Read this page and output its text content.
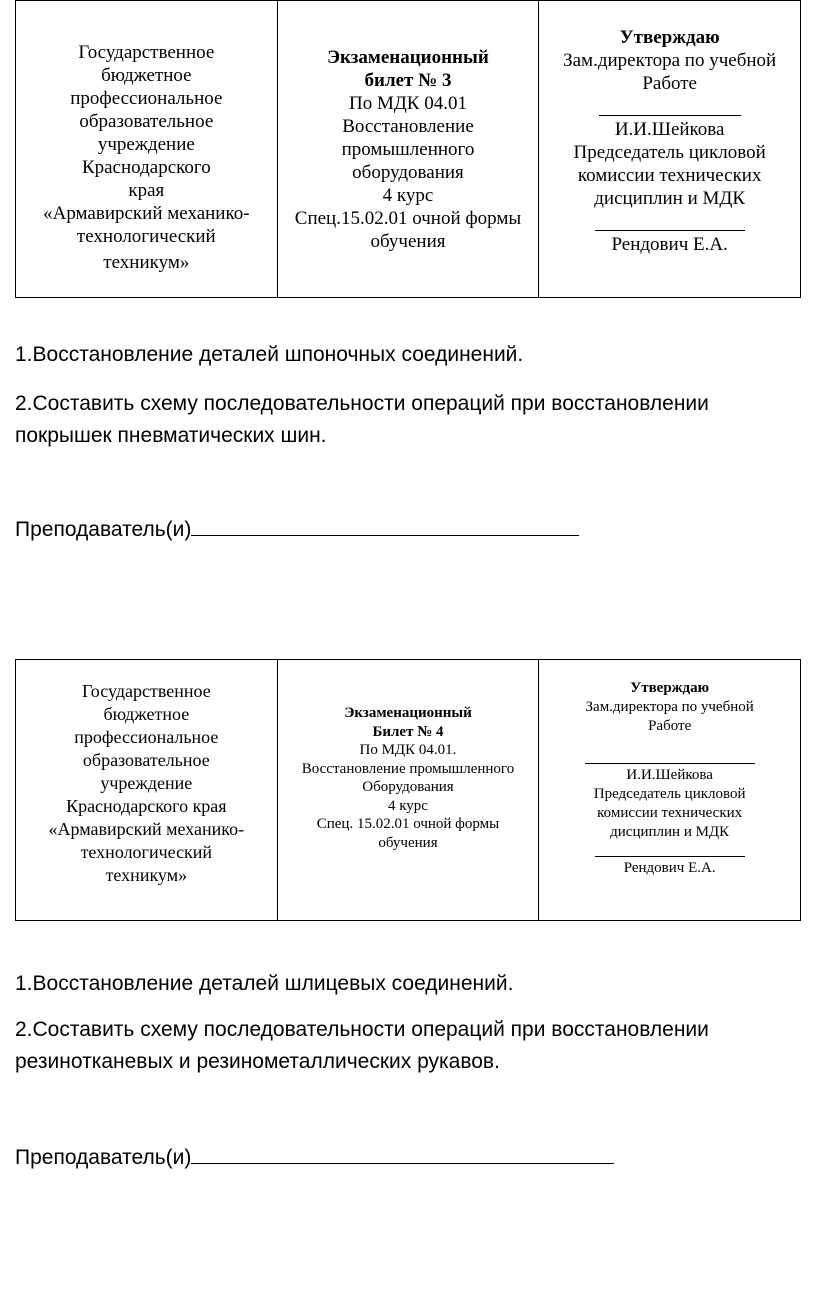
Государственное
бюджетное
профессиональное
образовательное
учреждение
Краснодарского
края
«Армавирский механико-
технологический
техникум»

Экзаменационный
билет № 3
По МДК 04.01
Восстановление
промышленного
оборудования
4 курс
Спец.15.02.01 очной формы
обучения

Утверждаю
Зам.директора по учебной
Работе
И.И.Шейкова
Председатель цикловой
комиссии технических
дисциплин и МДК
Рендович Е.А.

1.Восстановление деталей шпоночных соединений.

2.Составить схему последовательности операций при восстановлении покрышек пневматических шин.

Преподаватель(и)
Государственное
бюджетное
профессиональное
образовательное
учреждение
Краснодарского края
«Армавирский механико-
технологический
техникум»

Экзаменационный
Билет № 4
По МДК 04.01.
Восстановление промышленного
Оборудования
4 курс
Спец. 15.02.01 очной формы
обучения

Утверждаю
Зам.директора по учебной
Работе
И.И.Шейкова
Председатель цикловой
комиссии технических
дисциплин и МДК
Рендович Е.А.

1.Восстановление деталей шлицевых соединений.

2.Составить схему последовательности операций при восстановлении резинотканевых и резинометаллических рукавов.

Преподаватель(и)
